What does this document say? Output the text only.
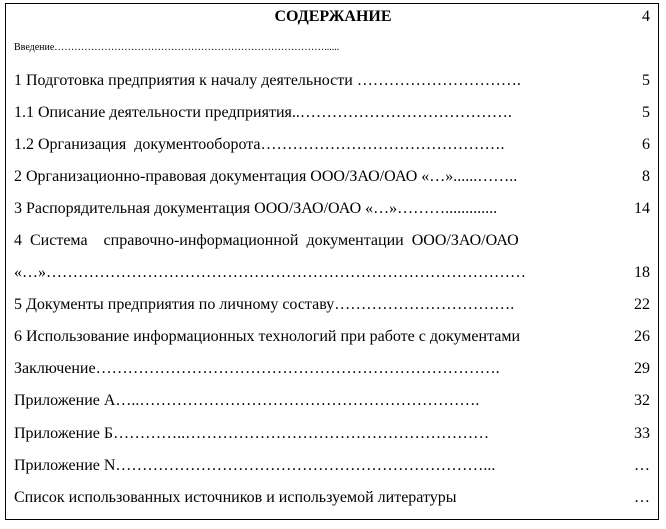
СОДЕРЖАНИЕ	4
Введение………………………………………………………………………......
1 Подготовка предприятия к началу деятельности ………………………….	5
1.1 Описание деятельности предприятия..………………………………….	5
1.2 Организация  документооборота……………………………………….	6
2 Организационно-правовая документация ООО/ЗАО/ОАО «…»......……..	8
3 Распорядительная документация ООО/ЗАО/ОАО «…»……….............	14
4  Система    справочно-информационной  документации  ООО/ЗАО/ОАО
«…»………………………………………………………………………………	18
5 Документы предприятия по личному составу…………………………….	22
6 Использование информационных технологий при работе с документами	26
Заключение………………………………………………………………….	29
Приложение А…..……………………………………………………….	32
Приложение Б…………..…………………………………………………	33
Приложение N……………………………………………………………...	…
Список использованных источников и используемой литературы	…
